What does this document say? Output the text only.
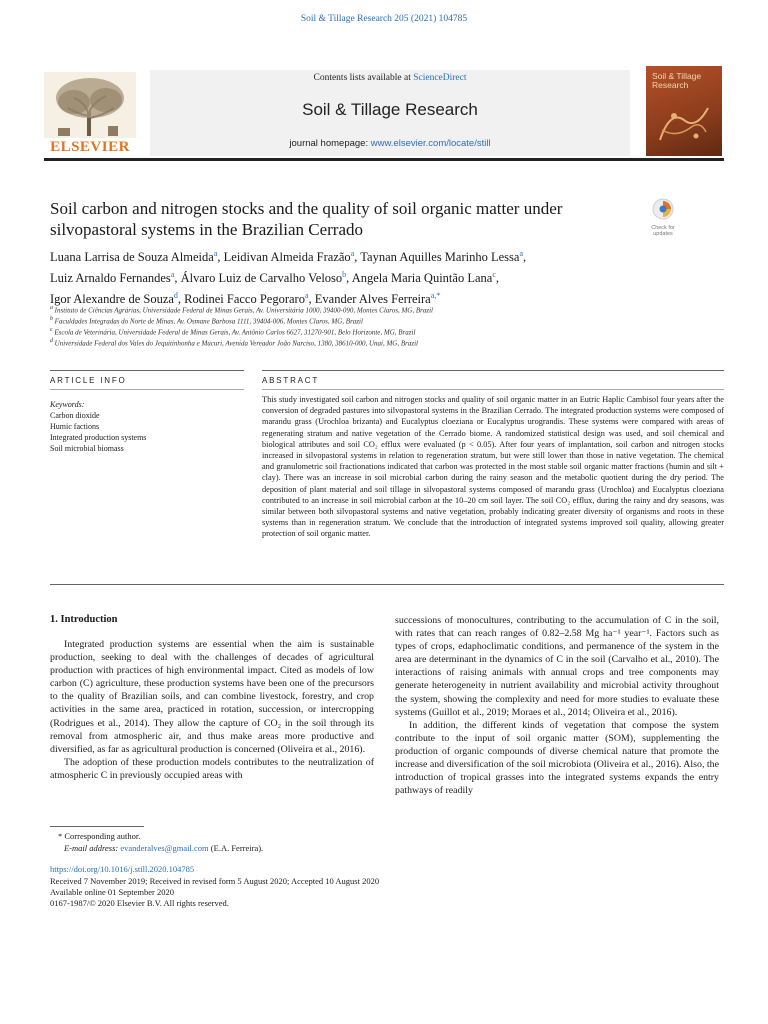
Soil & Tillage Research 205 (2021) 104785
ELSEVIER
Contents lists available at ScienceDirect
Soil & Tillage Research
journal homepage: www.elsevier.com/locate/still
Soil & Tillage Research
Soil carbon and nitrogen stocks and the quality of soil organic matter under silvopastoral systems in the Brazilian Cerrado	Check for updates
Luana Larrisa de Souza Almeida$^a$, Leidivan Almeida Frazão$^a$, Taynan Aquilles Marinho Lessa$^a$,
Luiz Arnaldo Fernandes$^a$, Álvaro Luiz de Carvalho Veloso$^b$, Angela Maria Quintão Lana$^c$,
Igor Alexandre de Souza$^d$, Rodinei Facco Pegoraro$^a$, Evander Alves Ferreira$^{a,*}$
$^a$ Instituto de Ciências Agrárias, Universidade Federal de Minas Gerais, Av. Universitária 1000, 39400-090, Montes Claros, MG, Brazil
$^b$ Faculdades Integradas do Norte de Minas, Av. Osmane Barbosa 1111, 39404-006, Montes Claros, MG, Brazil
$^c$ Escola de Veterinária, Universidade Federal de Minas Gerais, Av. Antônio Carlos 6627, 31270-901, Belo Horizonte, MG, Brazil
$^d$ Universidade Federal dos Vales do Jequitinhonha e Mucuri, Avenida Vereador João Narciso, 1380, 38610-000, Unaí, MG, Brazil
ARTICLE INFO	ABSTRACT
Keywords:
Carbon dioxide
Humic factions
Integrated production systems
Soil microbial biomass
This study investigated soil carbon and nitrogen stocks and quality of soil organic matter in an Eutric Haplic Cambisol four years after the conversion of degraded pastures into silvopastoral systems in the Brazilian Cerrado. The integrated production systems were composed of marandu grass (Urochloa brizanta) and Eucalyptus cloeziana or Eucalyptus urograndis. These systems were compared with areas of regenerating stratum and native vegetation of the Cerrado biome. A randomized statistical design was used, and soil chemical and biological attributes and soil CO₂ efflux were evaluated (p < 0.05). After four years of implantation, soil carbon and nitrogen stocks increased in silvopastoral systems in relation to regeneration stratum, but were still lower than those in native vegetation. The chemical and granulometric soil fractionations indicated that carbon was protected in the most stable soil organic matter fractions (humin and silt + clay). There was an increase in soil microbial carbon during the rainy season and the metabolic quotient during the dry period. The deposition of plant material and soil tillage in silvopastoral systems composed of marandu grass (Urochloa) and Eucalyptus cloeziana contributed to an increase in soil microbial carbon at the 10–20 cm soil layer. The soil CO₂ efflux, during the rainy and dry seasons, was similar between both silvopastoral systems and native vegetation, probably indicating greater diversity of organisms and roots in these systems than in regeneration stratum. We conclude that the introduction of integrated systems improved soil quality, allowing greater protection of soil organic matter.
1. Introduction

Integrated production systems are essential when the aim is sustainable production, seeking to deal with the challenges of decades of agricultural production with practices of high environmental impact. Cited as models of low carbon (C) agriculture, these production systems have been one of the precursors to the quality of Brazilian soils, and can combine livestock, forestry, and crop activities in the same area, practiced in rotation, succession, or intercropping (Rodrigues et al., 2014). They allow the capture of CO₂ in the soil through its removal from atmospheric air, and thus make areas more productive and diversified, as far as agricultural production is concerned (Oliveira et al., 2016).

The adoption of these production models contributes to the neutralization of atmospheric C in previously occupied areas with

successions of monocultures, contributing to the accumulation of C in the soil, with rates that can reach ranges of 0.82–2.58 Mg ha⁻¹ year⁻¹. Factors such as types of crops, edaphoclimatic conditions, and permanence of the system in the area are determinant in the dynamics of C in the soil (Carvalho et al., 2010). The interactions of raising animals with annual crops and tree components may generate heterogeneity in nutrient availability and microbial activity throughout the system, showing the complexity and need for more studies to evaluate these systems (Guillot et al., 2019; Moraes et al., 2014; Oliveira et al., 2016).

In addition, the different kinds of vegetation that compose the system contribute to the input of soil organic matter (SOM), supplementing the production of organic compounds of diverse chemical nature that promote the increase and diversification of the soil microbiota (Oliveira et al., 2016). Also, the introduction of tropical grasses into the integrated systems expands the entry pathways of readily

* Corresponding author.
E-mail address: evanderalves@gmail.com (E.A. Ferreira).
https://doi.org/10.1016/j.still.2020.104785
Received 7 November 2019; Received in revised form 5 August 2020; Accepted 10 August 2020
Available online 01 September 2020
0167-1987/© 2020 Elsevier B.V. All rights reserved.
